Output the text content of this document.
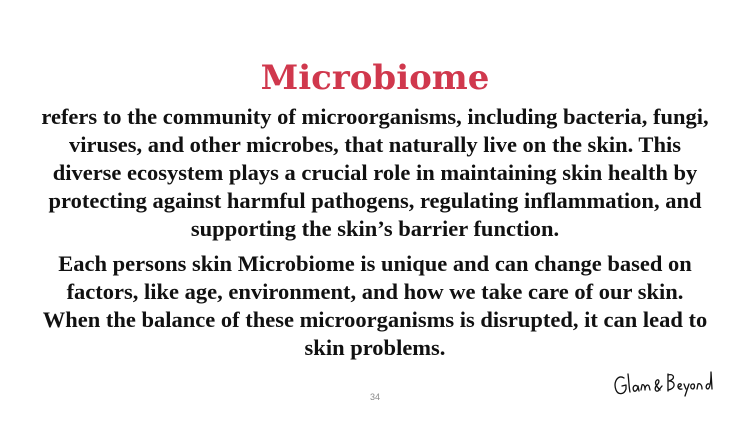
Microbiome

refers to the community of microorganisms, including bacteria, fungi, viruses, and other microbes, that naturally live on the skin. This diverse ecosystem plays a crucial role in maintaining skin health by protecting against harmful pathogens, regulating inflammation, and supporting the skin’s barrier function.

Each persons skin Microbiome is unique and can change based on factors, like age, environment, and how we take care of our skin. When the balance of these microorganisms is disrupted, it can lead to skin problems.

34
